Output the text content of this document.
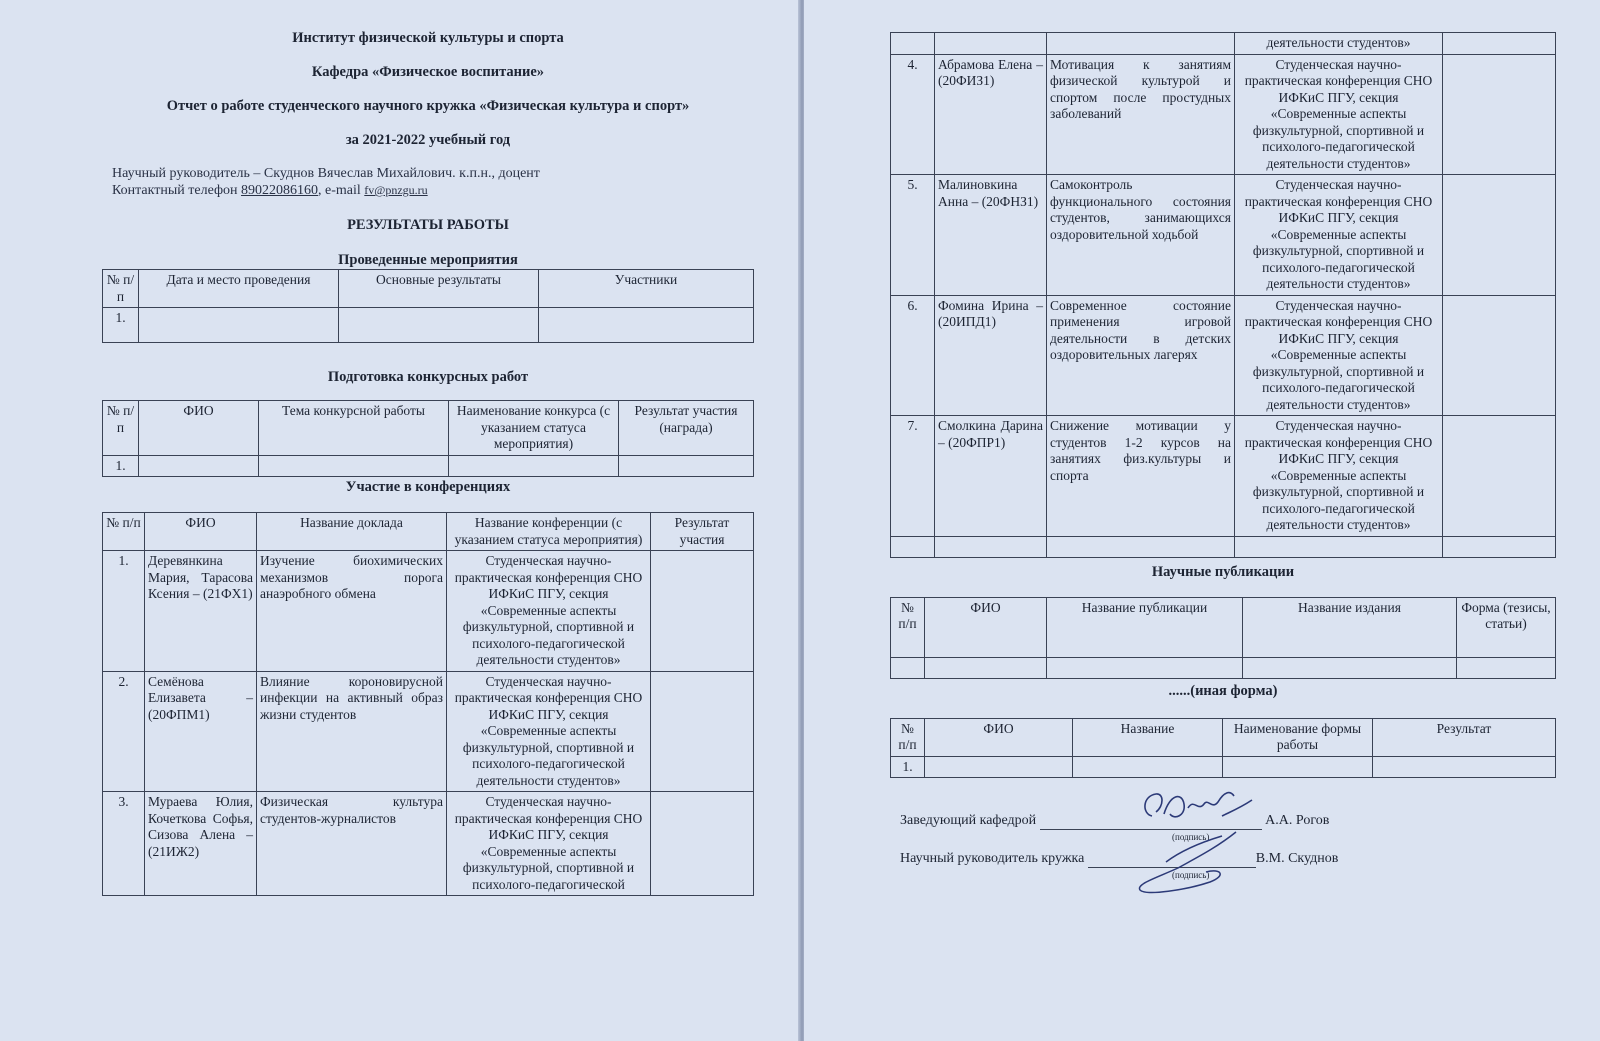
Институт физической культуры и спорта

Кафедра «Физическое воспитание»

Отчет о работе студенческого научного кружка «Физическая культура и спорт»

за 2021-2022 учебный год

Научный руководитель – Скуднов Вячеслав Михайлович. к.п.н., доцент
Контактный телефон 89022086160, e-mail fv@pnzgu.ru

РЕЗУЛЬТАТЫ РАБОТЫ

Проведенные мероприятия

№ п/п	Дата и место проведения	Основные результаты	Участники
1.			

Подготовка конкурсных работ

№ п/п	ФИО	Тема конкурсной работы	Наименование конкурса (с указанием статуса мероприятия)	Результат участия (награда)
1.				

Участие в конференциях

№ п/п	ФИО	Название доклада	Название конференции (с указанием статуса мероприятия)	Результат участия
1.	Деревянкина Мария, Тарасова Ксения – (21ФХ1)	Изучение биохимических механизмов порога анаэробного обмена	Студенческая научно-практическая конференция СНО ИФКиС ПГУ, секция «Современные аспекты физкультурной, спортивной и психолого-педагогической деятельности студентов»	
2.	Семёнова Елизавета – (20ФПМ1)	Влияние короновирусной инфекции на активный образ жизни студентов	Студенческая научно-практическая конференция СНО ИФКиС ПГУ, секция «Современные аспекты физкультурной, спортивной и психолого-педагогической деятельности студентов»	
3.	Мураева Юлия, Кочеткова Софья, Сизова Алена – (21ИЖ2)	Физическая культура студентов-журналистов	Студенческая научно-практическая конференция СНО ИФКиС ПГУ, секция «Современные аспекты физкультурной, спортивной и психолого-педагогической	
			деятельности студентов»	
4.	Абрамова Елена – (20ФИЗ1)	Мотивация к занятиям физической культурой и спортом после простудных заболеваний	Студенческая научно-практическая конференция СНО ИФКиС ПГУ, секция «Современные аспекты физкультурной, спортивной и психолого-педагогической деятельности студентов»	
5.	Малиновкина Анна – (20ФНЗ1)	Самоконтроль функционального состояния студентов, занимающихся оздоровительной ходьбой	Студенческая научно-практическая конференция СНО ИФКиС ПГУ, секция «Современные аспекты физкультурной, спортивной и психолого-педагогической деятельности студентов»	
6.	Фомина Ирина – (20ИПД1)	Современное состояние применения игровой деятельности в детских оздоровительных лагерях	Студенческая научно-практическая конференция СНО ИФКиС ПГУ, секция «Современные аспекты физкультурной, спортивной и психолого-педагогической деятельности студентов»	
7.	Смолкина Дарина – (20ФПР1)	Снижение мотивации у студентов 1-2 курсов на занятиях физ.культуры и спорта	Студенческая научно-практическая конференция СНО ИФКиС ПГУ, секция «Современные аспекты физкультурной, спортивной и психолого-педагогической деятельности студентов»	

Научные публикации

№ п/п	ФИО	Название публикации	Название издания	Форма (тезисы, статьи)

......(иная форма)

№ п/п	ФИО	Название	Наименование формы работы	Результат
1.				
Заведующий кафедрой	А.А. Рогов
(подпись)
Научный руководитель кружка	В.М. Скуднов
(подпись)
